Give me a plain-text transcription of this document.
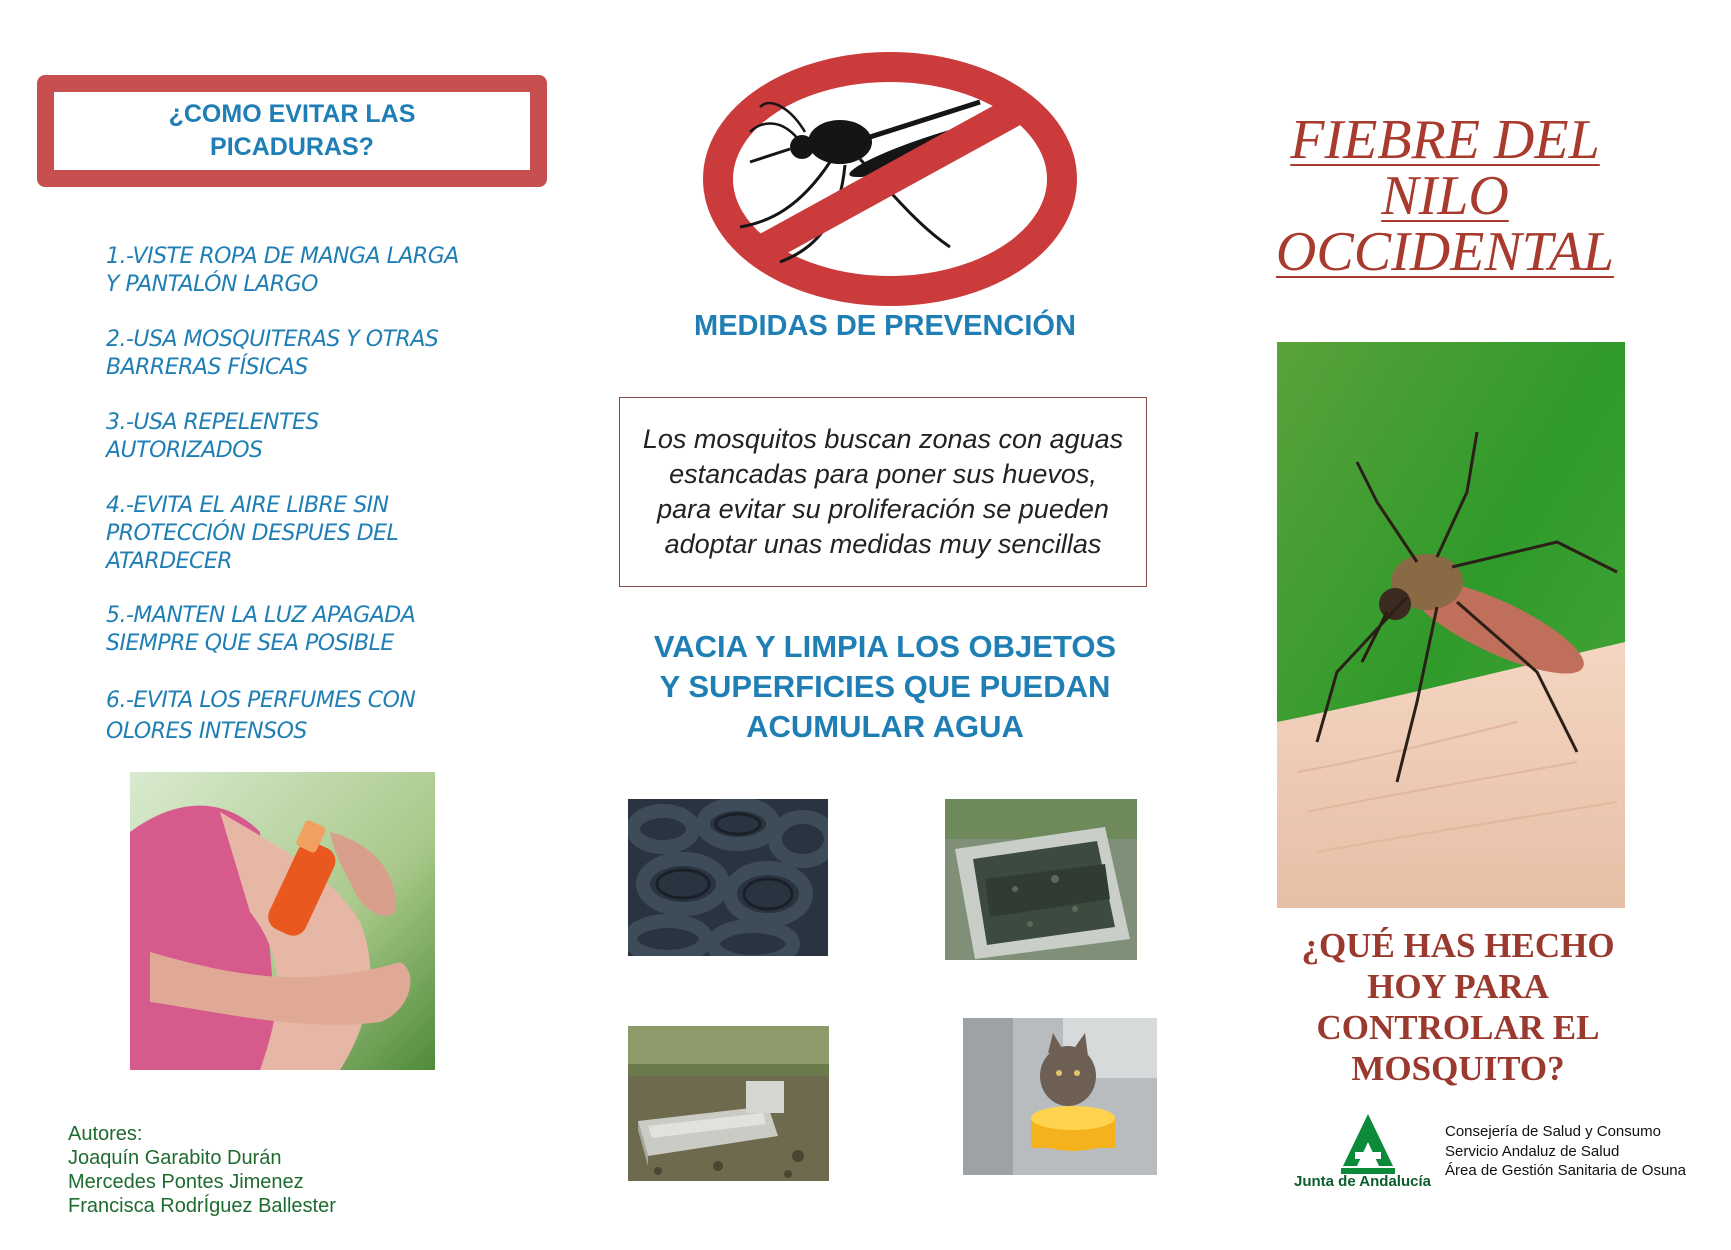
¿COMO EVITAR LAS
PICADURAS?
1.-VISTE ROPA DE MANGA LARGA
Y PANTALÓN LARGO
2.-USA MOSQUITERAS Y OTRAS
BARRERAS FÍSICAS
3.-USA REPELENTES
AUTORIZADOS
4.-EVITA EL AIRE LIBRE SIN
PROTECCIÓN DESPUES DEL
ATARDECER
5.-MANTEN LA LUZ APAGADA
SIEMPRE QUE SEA POSIBLE
6.-EVITA LOS PERFUMES CON
OLORES INTENSOS
Autores:
Joaquín Garabito Durán
Mercedes Pontes Jimenez
Francisca RodrÍguez Ballester
MEDIDAS DE PREVENCIÓN
Los mosquitos buscan zonas con aguas estancadas para poner sus huevos, para evitar su proliferación se pueden adoptar unas medidas muy sencillas
VACIA Y LIMPIA LOS OBJETOS
Y SUPERFICIES QUE PUEDAN
ACUMULAR AGUA
FIEBRE DEL
NILO
OCCIDENTAL
¿QUÉ HAS HECHO
HOY PARA
CONTROLAR EL
MOSQUITO?
Junta de Andalucía
Consejería de Salud y Consumo
Servicio Andaluz de Salud
Área de Gestión Sanitaria de Osuna
